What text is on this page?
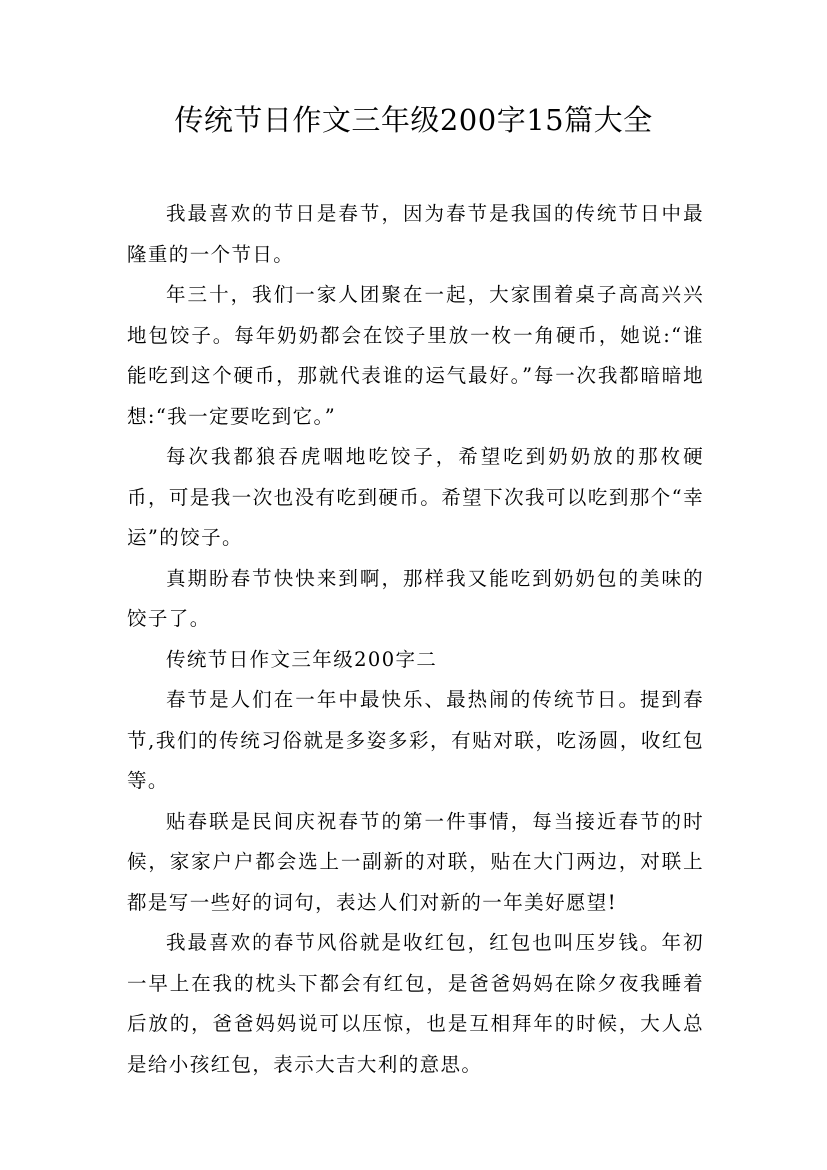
传统节日作文三年级200字15篇大全

我最喜欢的节日是春节，因为春节是我国的传统节日中最隆重的一个节日。

年三十，我们一家人团聚在一起，大家围着桌子高高兴兴地包饺子。每年奶奶都会在饺子里放一枚一角硬币，她说:“谁能吃到这个硬币，那就代表谁的运气最好。”每一次我都暗暗地想:“我一定要吃到它。”

每次我都狼吞虎咽地吃饺子，希望吃到奶奶放的那枚硬币，可是我一次也没有吃到硬币。希望下次我可以吃到那个“幸运”的饺子。

真期盼春节快快来到啊，那样我又能吃到奶奶包的美味的饺子了。

传统节日作文三年级200字二

春节是人们在一年中最快乐、最热闹的传统节日。提到春节,我们的传统习俗就是多姿多彩，有贴对联，吃汤圆，收红包等。

贴春联是民间庆祝春节的第一件事情，每当接近春节的时候，家家户户都会选上一副新的对联，贴在大门两边，对联上都是写一些好的词句，表达人们对新的一年美好愿望!

我最喜欢的春节风俗就是收红包，红包也叫压岁钱。年初一早上在我的枕头下都会有红包，是爸爸妈妈在除夕夜我睡着后放的，爸爸妈妈说可以压惊，也是互相拜年的时候，大人总是给小孩红包，表示大吉大利的意思。
